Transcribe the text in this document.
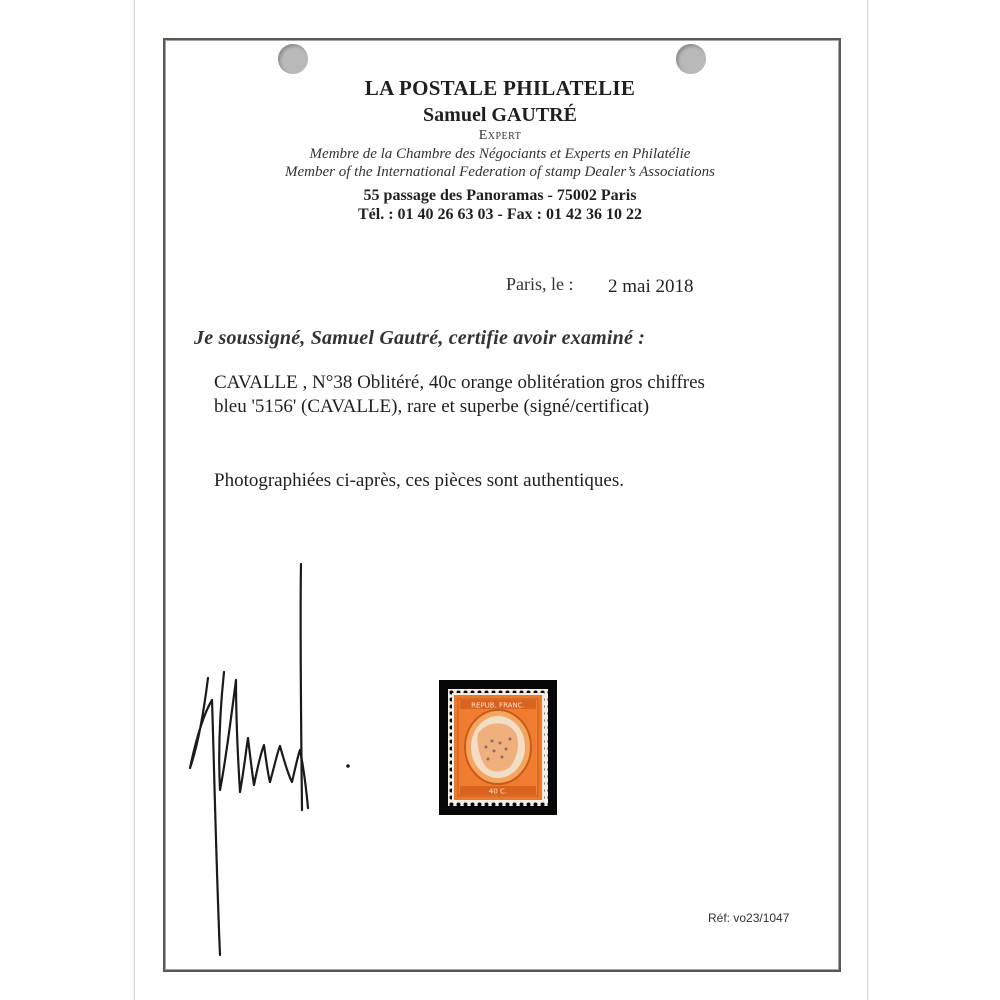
LA POSTALE PHILATELIE
Samuel GAUTRÉ
Expert
Membre de la Chambre des Négociants et Experts en Philatélie
Member of the International Federation of stamp Dealer’s Associations
55 passage des Panoramas - 75002 Paris
Tél. : 01 40 26 63 03 - Fax : 01 42 36 10 22
Paris, le : 2 mai 2018
Je soussigné, Samuel Gautré, certifie avoir examiné :
CAVALLE , N°38 Oblitéré, 40c orange oblitération gros chiffres
bleu '5156' (CAVALLE), rare et superbe (signé/certificat)
Photographiées ci-après, ces pièces sont authentiques.
REPUB. FRANC.
40 C.
Réf: vo23/1047
